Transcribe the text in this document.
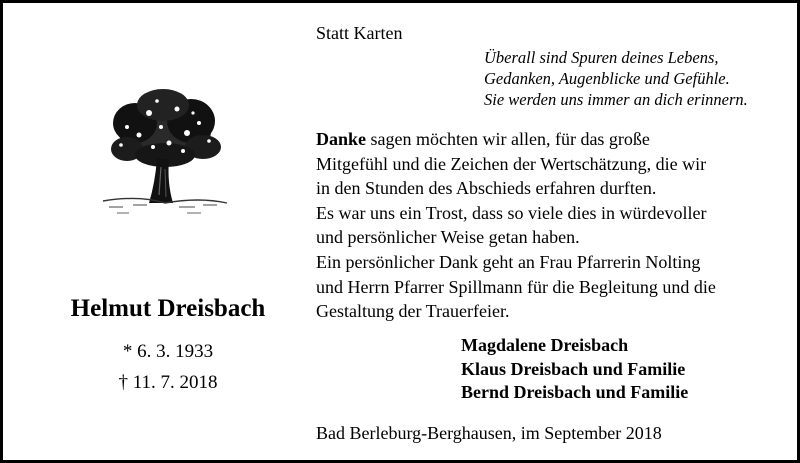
Helmut Dreisbach
* 6. 3. 1933
† 11. 7. 2018
Statt Karten
Überall sind Spuren deines Lebens,
Gedanken, Augenblicke und Gefühle.
Sie werden uns immer an dich erinnern.
Danke sagen möchten wir allen, für das große
Mitgefühl und die Zeichen der Wertschätzung, die wir
in den Stunden des Abschieds erfahren durften.
Es war uns ein Trost, dass so viele dies in würdevoller
und persönlicher Weise getan haben.
Ein persönlicher Dank geht an Frau Pfarrerin Nolting
und Herrn Pfarrer Spillmann für die Begleitung und die
Gestaltung der Trauerfeier.
Magdalene Dreisbach
Klaus Dreisbach und Familie
Bernd Dreisbach und Familie
Bad Berleburg-Berghausen, im September 2018
